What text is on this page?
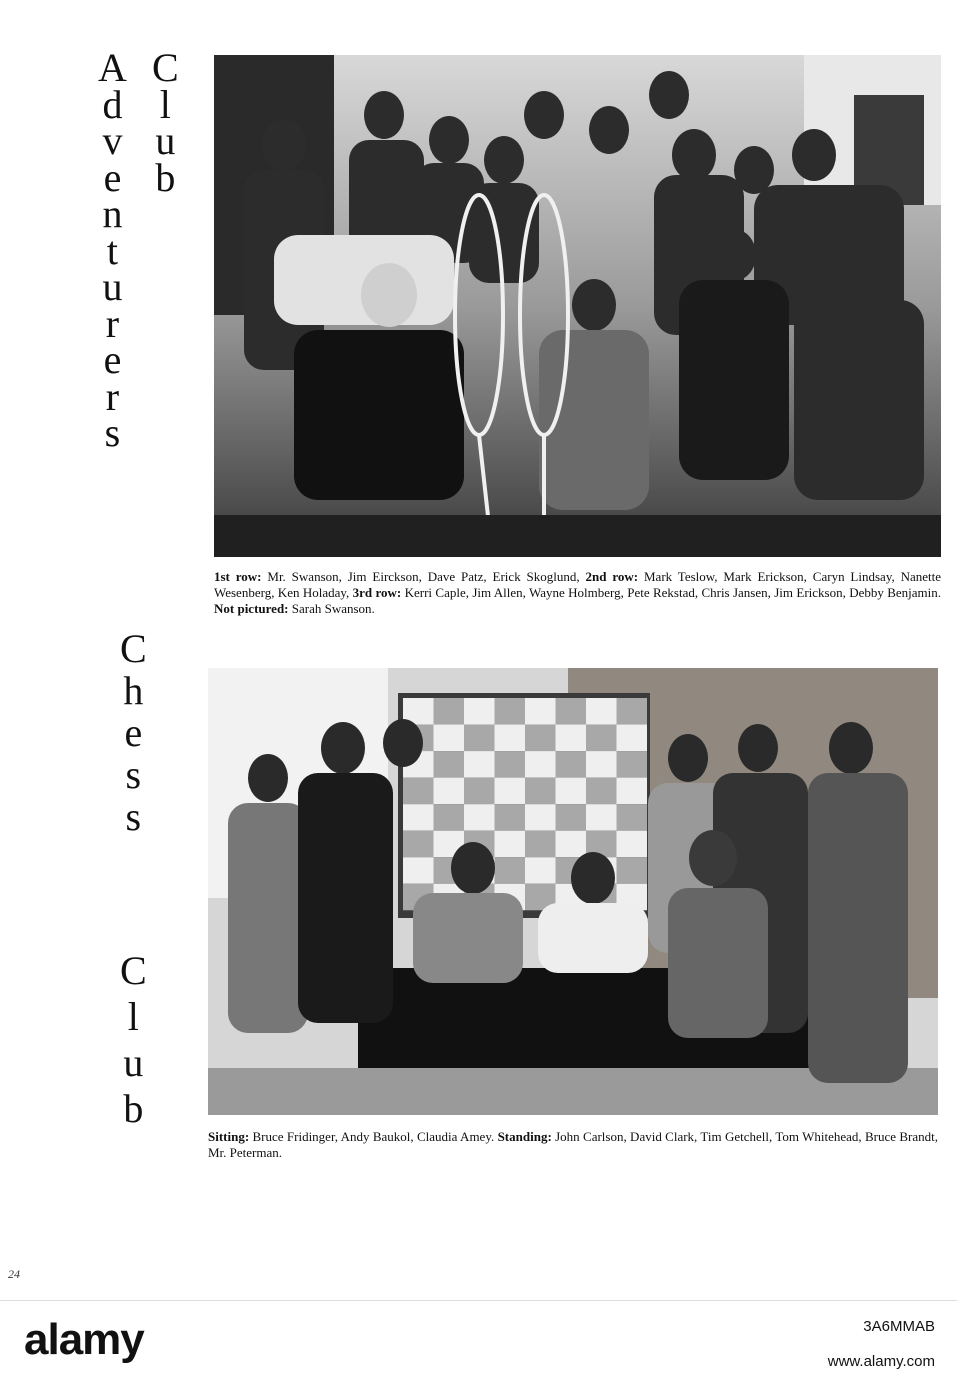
A
d
v
e
n
t
u
r
e
r
s
C
l
u
b
1st row: Mr. Swanson, Jim Eirckson, Dave Patz, Erick Skoglund, 2nd row: Mark Teslow, Mark Erickson, Caryn Lindsay, Nanette Wesenberg, Ken Holaday, 3rd row: Kerri Caple, Jim Allen, Wayne Holmberg, Pete Rekstad, Chris Jansen, Jim Erickson, Debby Benjamin. Not pictured: Sarah Swanson.
C
h
e
s
s
C
l
u
b
Sitting: Bruce Fridinger, Andy Baukol, Claudia Amey. Standing: John Carlson, David Clark, Tim Getchell, Tom Whitehead, Bruce Brandt, Mr. Peterman.
24
alamy	3A6MMAB
www.alamy.com
